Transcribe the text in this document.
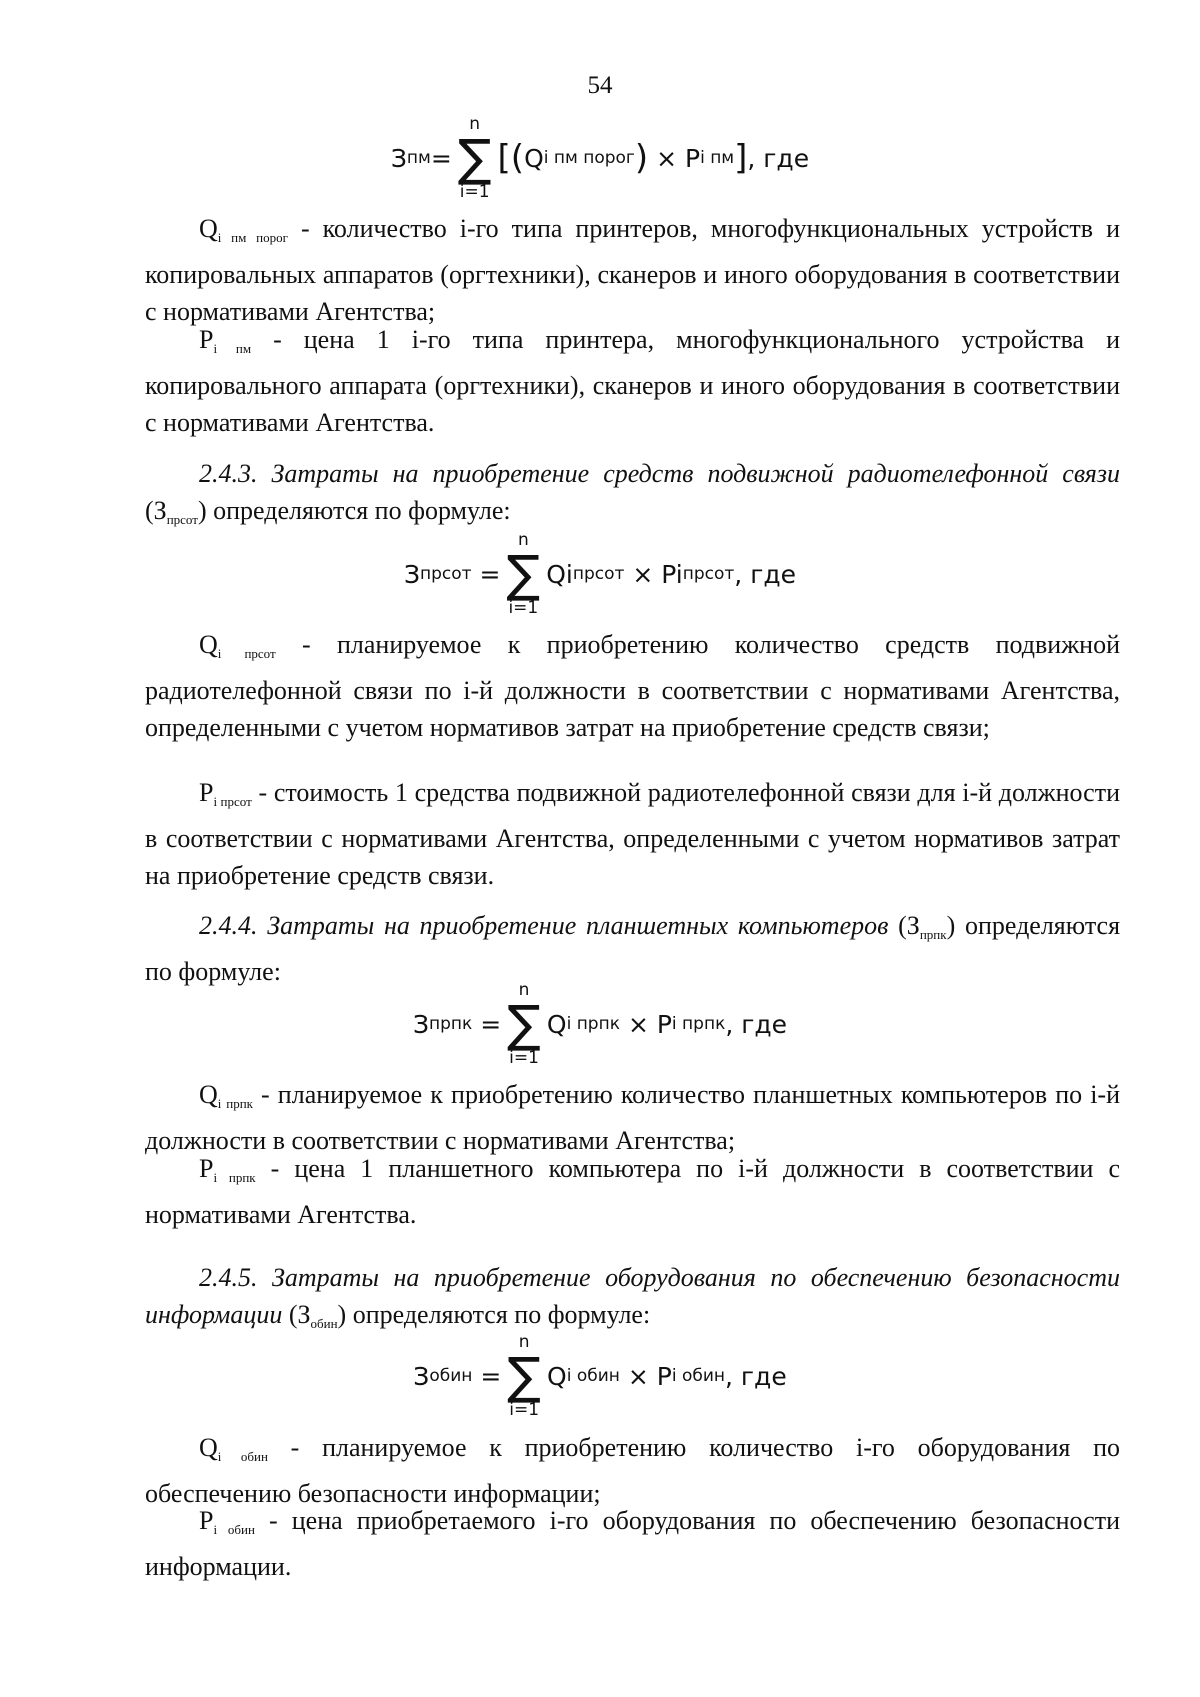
54
З пм =
n
∑
i=1
[( Q i пм порог )
×
P i пм ] , где

Qi пм порог - количество i-го типа принтеров, многофункциональных устройств и копировальных аппаратов (оргтехники), сканеров и иного оборудования в соответствии с нормативами Агентства;

Pi пм - цена 1 i-го типа принтера, многофункционального устройства и копировального аппарата (оргтехники), сканеров и иного оборудования в соответствии с нормативами Агентства.

2.4.3. Затраты на приобретение средств подвижной радиотелефонной связи (Зпрсот) определяются по формуле:

З прсот
=
n
∑
i=1
Qi прсот
×
Pi прсот , где

Qi прсот - планируемое к приобретению количество средств подвижной радиотелефонной связи по i-й должности в соответствии с нормативами Агентства, определенными с учетом нормативов затрат на приобретение средств связи;

Pi прсот - стоимость 1 средства подвижной радиотелефонной связи для i-й должности в соответствии с нормативами Агентства, определенными с учетом нормативов затрат на приобретение средств связи.

2.4.4. Затраты на приобретение планшетных компьютеров (Зпрпк) определяются по формуле:

З прпк
=
n
∑
i=1
Q i прпк
×
P i прпк , где

Qi прпк - планируемое к приобретению количество планшетных компьютеров по i-й должности в соответствии с нормативами Агентства;

Pi прпк - цена 1 планшетного компьютера по i-й должности в соответствии с нормативами Агентства.

2.4.5. Затраты на приобретение оборудования по обеспечению безопасности информации (Зобин) определяются по формуле:

З обин
=
n
∑
i=1
Q i обин
×
P i обин , где

Qi обин - планируемое к приобретению количество i-го оборудования по обеспечению безопасности информации;

Pi обин - цена приобретаемого i-го оборудования по обеспечению безопасности информации.
